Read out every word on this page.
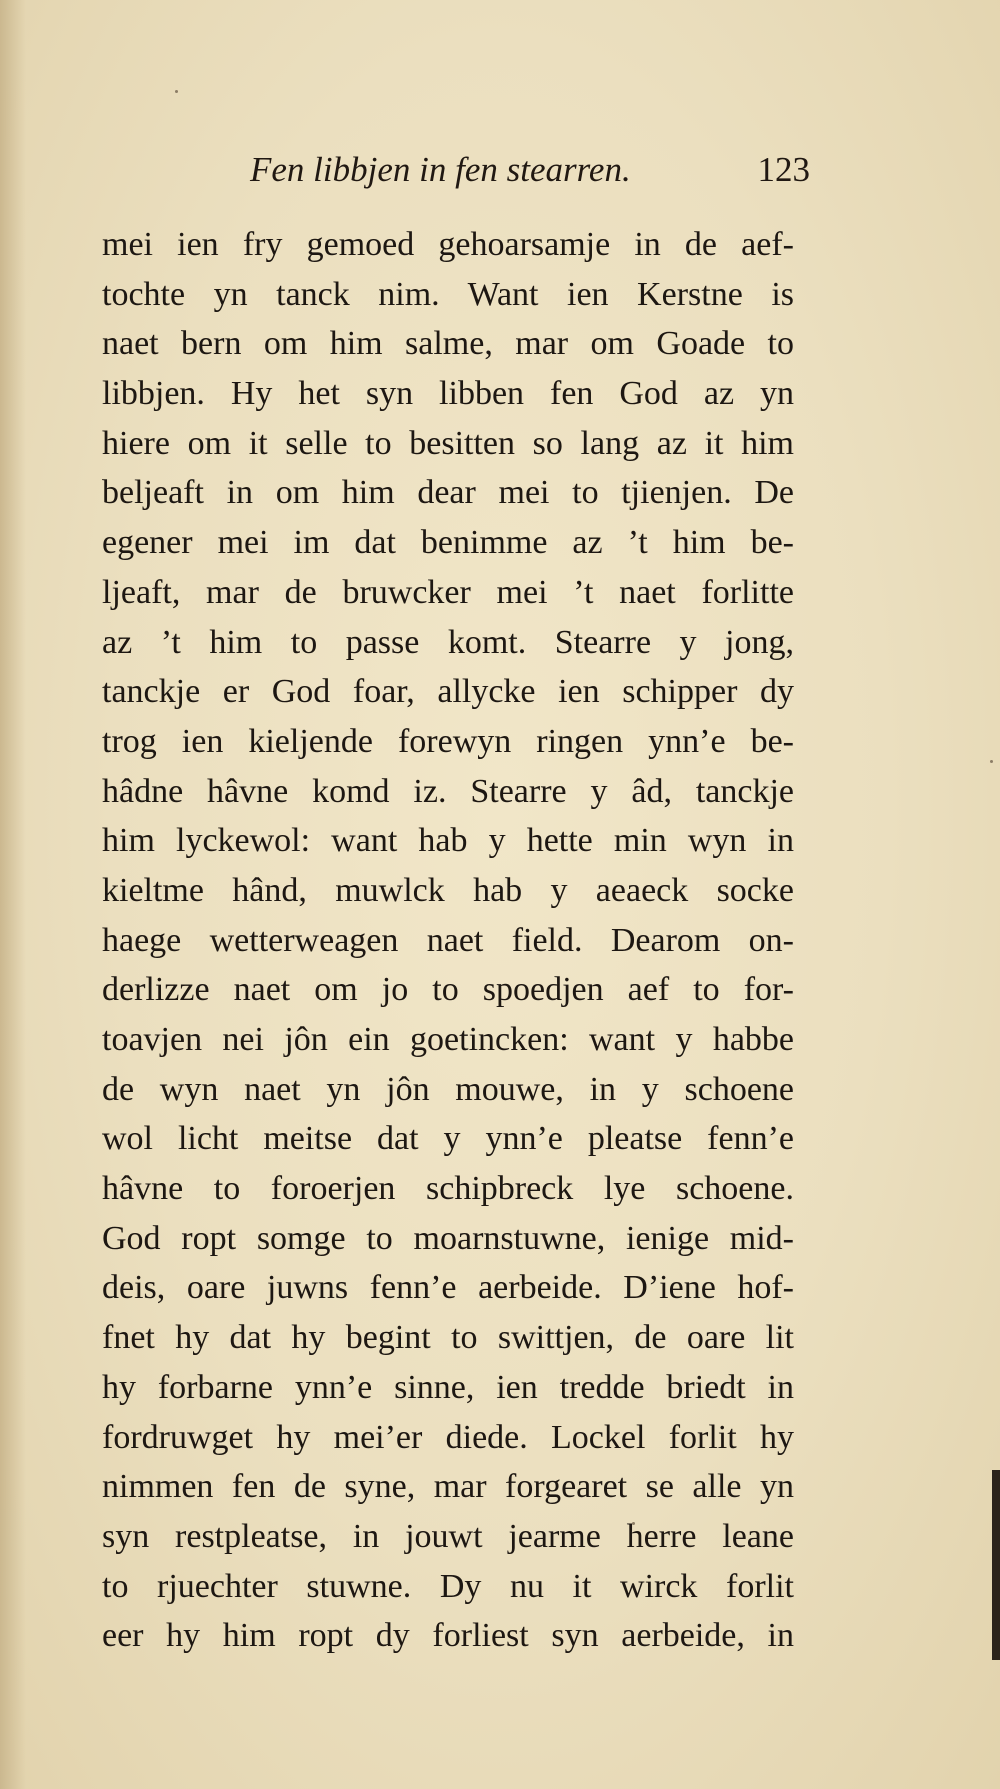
Fen libbjen in fen stearren.	123
mei ien fry gemoed gehoarsamje in de aef-
tochte yn tanck nim. Want ien Kerstne is
naet bern om him salme, mar om Goade to
libbjen. Hy het syn libben fen God az yn
hiere om it selle to besitten so lang az it him
beljeaft in om him dear mei to tjienjen. De
egener mei im dat benimme az ’t him be-
ljeaft, mar de bruwcker mei ’t naet forlitte
az ’t him to passe komt. Stearre y jong,
tanckje er God foar, allycke ien schipper dy
trog ien kieljende forewyn ringen ynn’e be-
hâdne hâvne komd iz. Stearre y âd, tanckje
him lyckewol: want hab y hette min wyn in
kieltme hând, muwlck hab y aeaeck socke
haege wetterweagen naet field. Dearom on-
derlizze naet om jo to spoedjen aef to for-
toavjen nei jôn ein goetincken: want y habbe
de wyn naet yn jôn mouwe, in y schoene
wol licht meitse dat y ynn’e pleatse fenn’e
hâvne to foroerjen schipbreck lye schoene.
God ropt somge to moarnstuwne, ienige mid-
deis, oare juwns fenn’e aerbeide. D’iene hof-
fnet hy dat hy begint to swittjen, de oare lit
hy forbarne ynn’e sinne, ien tredde briedt in
fordruwget hy mei’er diede. Lockel forlit hy
nimmen fen de syne, mar forgearet se alle yn
syn restpleatse, in jouwt jearme herre leane
to rjuechter stuwne. Dy nu it wirck forlit
eer hy him ropt dy forliest syn aerbeide, in
